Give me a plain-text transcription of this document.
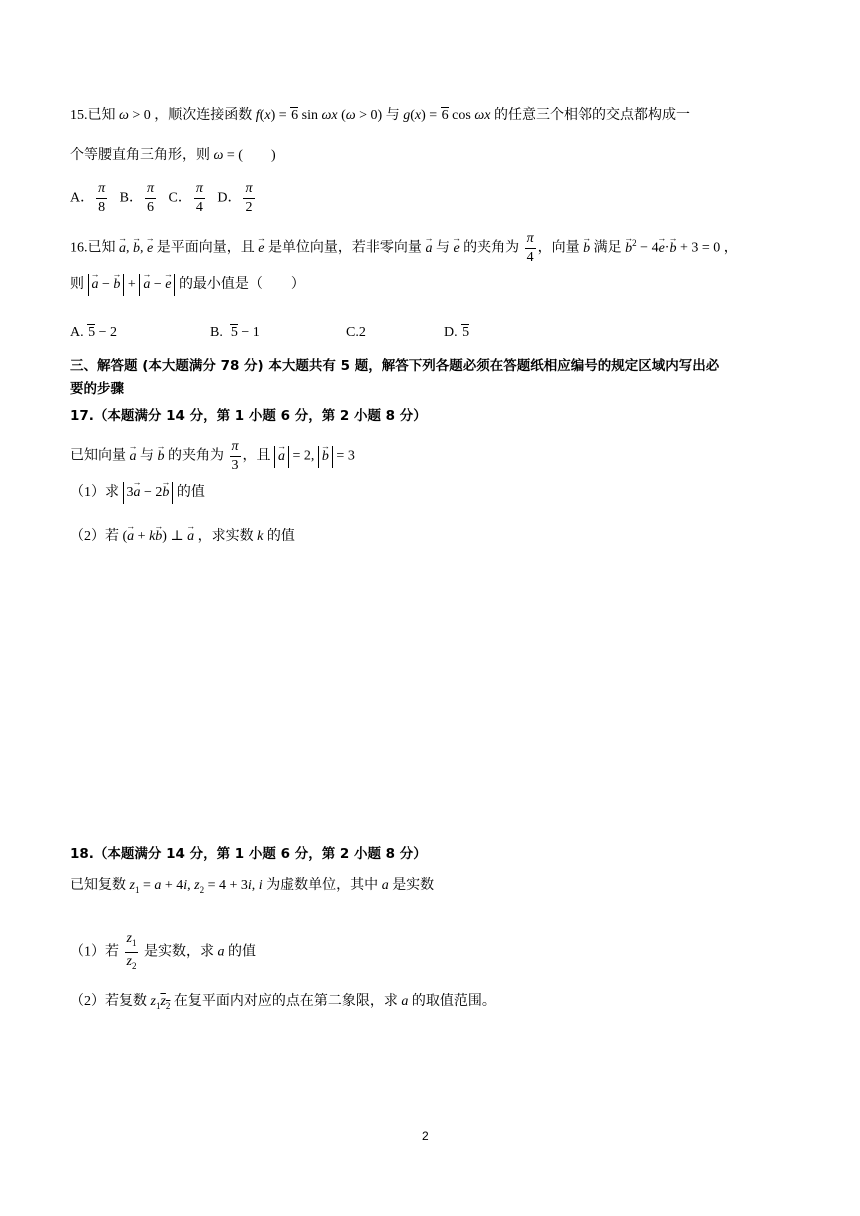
15.已知 ω > 0 ，顺次连接函数 f(x) = 6 sin ωx (ω > 0) 与 g(x) = 6 cos ωx 的任意三个相邻的交点都构成一
个等腰直角三角形，则 ω = (        )
A． $\frac{\pi}{8}$ B． $\frac{\pi}{6}$ C． $\frac{\pi}{4}$ D． $\frac{\pi}{2}$
16.已知 → a, → b, → e 是平面向量，且 → e 是单位向量，若非零向量 → a 与 → e 的夹角为 $\frac{\pi}{4}$ ，向量 → b 满足 → $b^2 - 4\to e\cdot\to b + 3 = 0$ ，
则 → a − → b + → a − → e 的最小值是（        ）
A. 5 − 2	B.  5 − 1	C.2	D. 5
三、解答题 (本大题满分 78 分) 本大题共有 5 题，解答下列各题必须在答题纸相应编号的规定区域内写出必
要的步骤
17.（本题满分 14 分，第 1 小题 6 分，第 2 小题 8 分）
已知向量 → a 与 → b 的夹角为 $\frac{\pi}{3}$ ，且 → a = 2, → b = 3
（1）求 3→ a − 2→ b 的值
（2）若 (→ a + k→ b) ⊥ → a ，求实数 k 的值
18.（本题满分 14 分，第 1 小题 6 分，第 2 小题 8 分）
已知复数 $z_1 = a + 4i$, $z_2 = 4 + 3i$, i 为虚数单位，其中 a 是实数
（1）若 $\frac{z_1}{z_2}$ 是实数，求 a 的值
（2）若复数 $z_1z_2$ 在复平面内对应的点在第二象限，求 a 的取值范围。
2
